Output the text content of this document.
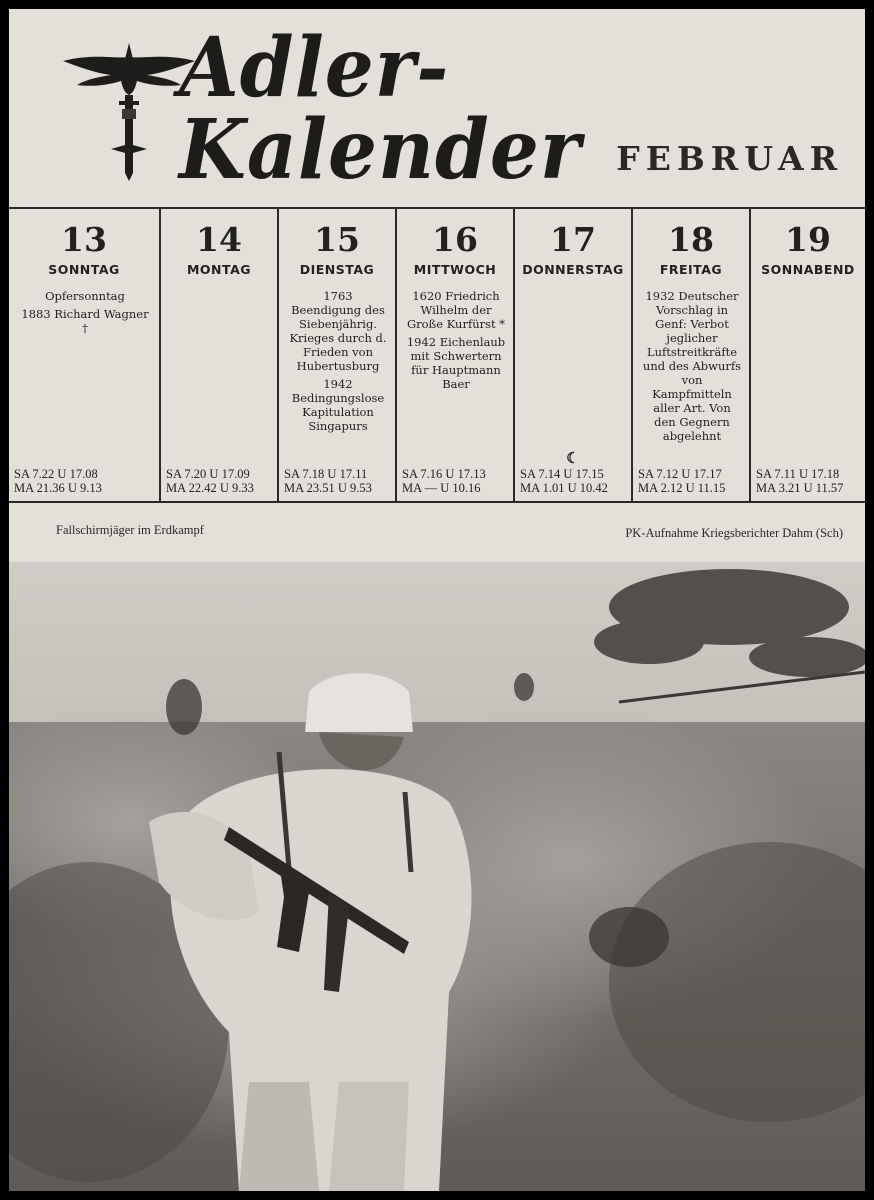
Adler-Kalender	FEBRUAR
13
SONNTAG

Opfersonntag

1883 Richard Wagner †

SA 7.22 U 17.08
MA 21.36 U 9.13
14
MONTAG
SA 7.20 U 17.09
MA 22.42 U 9.33
15
DIENSTAG

1763 Beendigung des Siebenjährig. Krieges durch d. Frieden von Hubertusburg

1942 Bedingungslose Kapitulation Singapurs

SA 7.18 U 17.11
MA 23.51 U 9.53
16
MITTWOCH

1620 Friedrich Wilhelm der Große Kurfürst *

1942 Eichenlaub mit Schwertern für Hauptmann Baer

SA 7.16 U 17.13
MA — U 10.16
17
DONNERSTAG
☾
SA 7.14 U 17.15
MA 1.01 U 10.42
18
FREITAG

1932 Deutscher Vorschlag in Genf: Verbot jeglicher Luftstreitkräfte und des Abwurfs von Kampfmitteln aller Art. Von den Gegnern abgelehnt

SA 7.12 U 17.17
MA 2.12 U 11.15
19
SONNABEND
SA 7.11 U 17.18
MA 3.21 U 11.57
Fallschirmjäger im Erdkampf	PK-Aufnahme Kriegsberichter Dahm (Sch)
